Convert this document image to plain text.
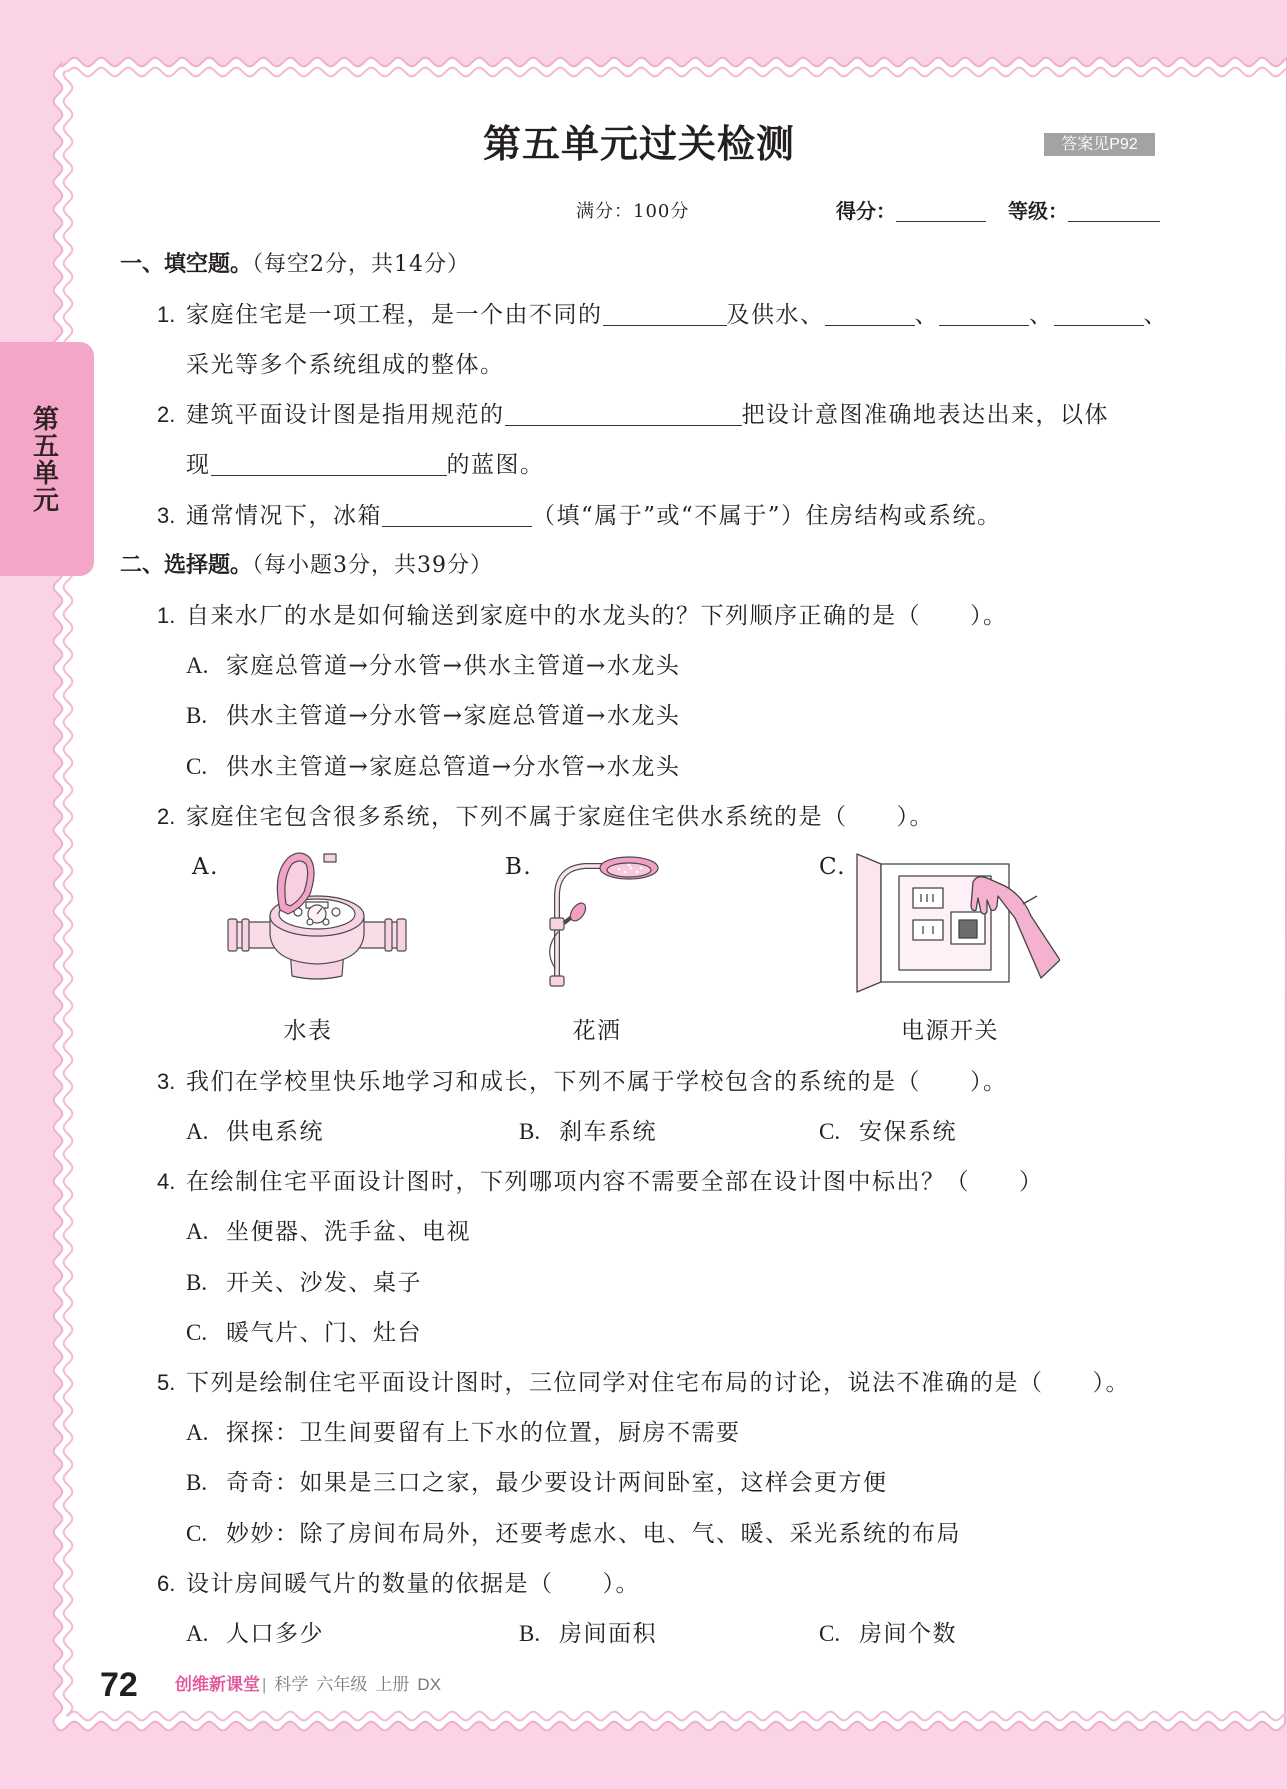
第五单元
第五单元过关检测	答案见P92
满分：100分	得分：	等级：
一、填空题。（每空2分，共14分）
1. 家庭住宅是一项工程，是一个由不同的	及供水、	、	、	、
采光等多个系统组成的整体。
2. 建筑平面设计图是指用规范的	把设计意图准确地表达出来，以体
现	的蓝图。
3. 通常情况下，冰箱	（填“属于”或“不属于”）住房结构或系统。
二、选择题。（每小题3分，共39分）
1. 自来水厂的水是如何输送到家庭中的水龙头的？下列顺序正确的是（　　）。
A. 家庭总管道→分水管→供水主管道→水龙头
B. 供水主管道→分水管→家庭总管道→水龙头
C. 供水主管道→家庭总管道→分水管→水龙头
2. 家庭住宅包含很多系统，下列不属于家庭住宅供水系统的是（　　）。
A.	B.	C.
水表	花洒	电源开关
3. 我们在学校里快乐地学习和成长，下列不属于学校包含的系统的是（　　）。
A. 供电系统	B. 刹车系统	C. 安保系统
4. 在绘制住宅平面设计图时，下列哪项内容不需要全部在设计图中标出？（　　）
A. 坐便器、洗手盆、电视
B. 开关、沙发、桌子
C. 暖气片、门、灶台
5. 下列是绘制住宅平面设计图时，三位同学对住宅布局的讨论，说法不准确的是（　　）。
A. 探探：卫生间要留有上下水的位置，厨房不需要
B. 奇奇：如果是三口之家，最少要设计两间卧室，这样会更方便
C. 妙妙：除了房间布局外，还要考虑水、电、气、暖、采光系统的布局
6. 设计房间暖气片的数量的依据是（　　）。
A. 人口多少	B. 房间面积	C. 房间个数
72 创维新课堂 | 科学 六年级 上册 DX
